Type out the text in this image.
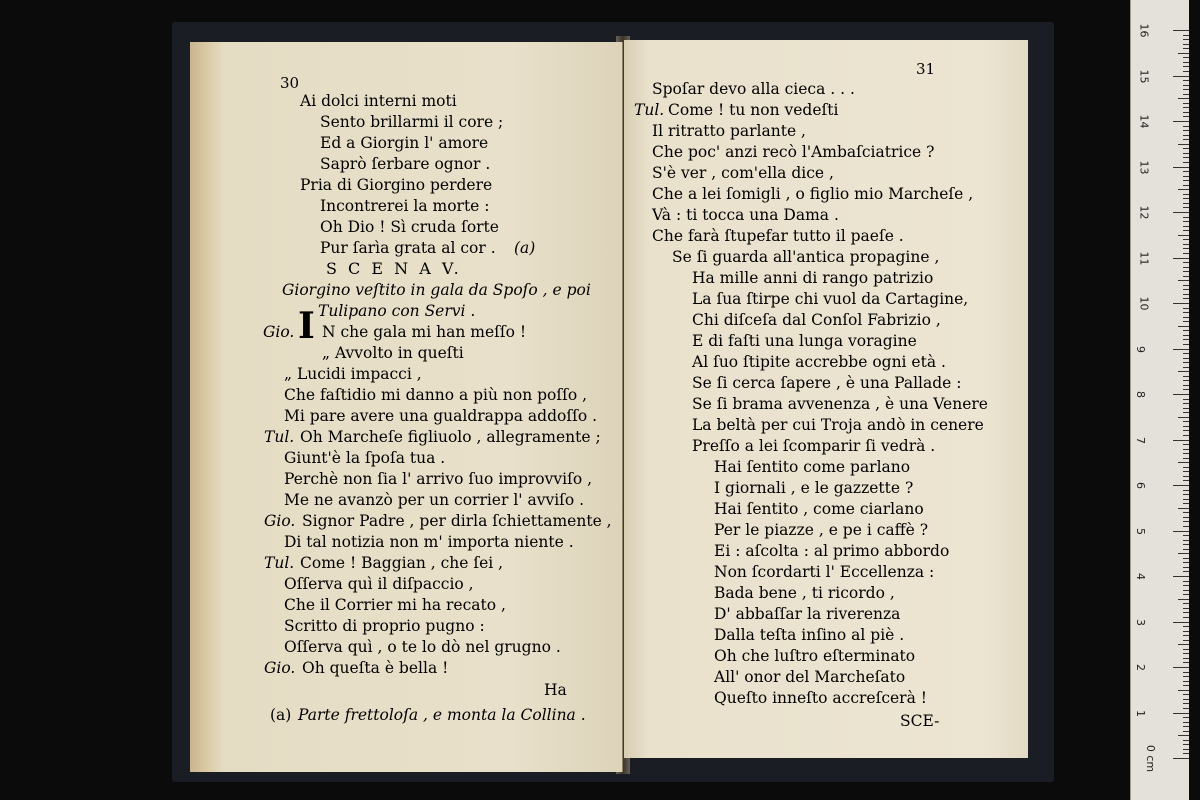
30
Ai dolci interni moti
Sento brillarmi il core ;
Ed a Giorgin l' amore
Saprò ſerbare ognor .
Pria di Giorgino perdere
Incontrerei la morte :
Oh Dio ! Sì cruda ſorte
Pur ſarìa grata al cor . (a)
S C E N A V.
Giorgino veſtito in gala da Spoſo , e poi
Tulipano con Servi .
Gio. I N che gala mi han meſſo !
„ Avvolto in queſti
„ Lucidi impacci ,
Che faſtidio mi danno a più non poſſo ,
Mi pare avere una gualdrappa addoſſo .
Tul. Oh Marcheſe figliuolo , allegramente ;
Giunt'è la ſpoſa tua .
Perchè non ſia l' arrivo ſuo improvviſo ,
Me ne avanzò per un corrier l' avviſo .
Gio. Signor Padre , per dirla ſchiettamente ,
Di tal notizia non m' importa niente .
Tul. Come ! Baggian , che ſei ,
Oſſerva quì il diſpaccio ,
Che il Corrier mi ha recato ,
Scritto di proprio pugno :
Oſſerva quì , o te lo dò nel grugno .
Gio. Oh queſta è bella !
Ha
(a) Parte frettoloſa , e monta la Collina .
31
Spoſar devo alla cieca . . .
Tul. Come ! tu non vedeſti
Il ritratto parlante ,
Che poc' anzi recò l'Ambaſciatrice ?
S'è ver , com'ella dice ,
Che a lei ſomigli , o figlio mio Marcheſe ,
Và : ti tocca una Dama .
Che farà ſtupefar tutto il paeſe .
Se ſi guarda all'antica propagine ,
Ha mille anni di rango patrizio
La ſua ſtirpe chi vuol da Cartagine,
Chi diſceſa dal Conſol Fabrizio ,
E di faſti una lunga voragine
Al ſuo ſtipite accrebbe ogni età .
Se ſi cerca ſapere , è una Pallade :
Se ſi brama avvenenza , è una Venere
La beltà per cui Troja andò in cenere
Preſſo a lei ſcomparir ſi vedrà .
Hai ſentito come parlano
I giornali , e le gazzette ?
Hai ſentito , come ciarlano
Per le piazze , e pe i caffè ?
Ei : aſcolta : al primo abbordo
Non ſcordarti l' Eccellenza :
Bada bene , ti ricordo ,
D' abbaſſar la riverenza
Dalla teſta inſino al piè .
Oh che luſtro eſterminato
All' onor del Marcheſato
Queſto inneſto accreſcerà !
SCE-
16
15
14
13
12
11
10
9
8
7
6
5
4
3
2
1
0 cm
